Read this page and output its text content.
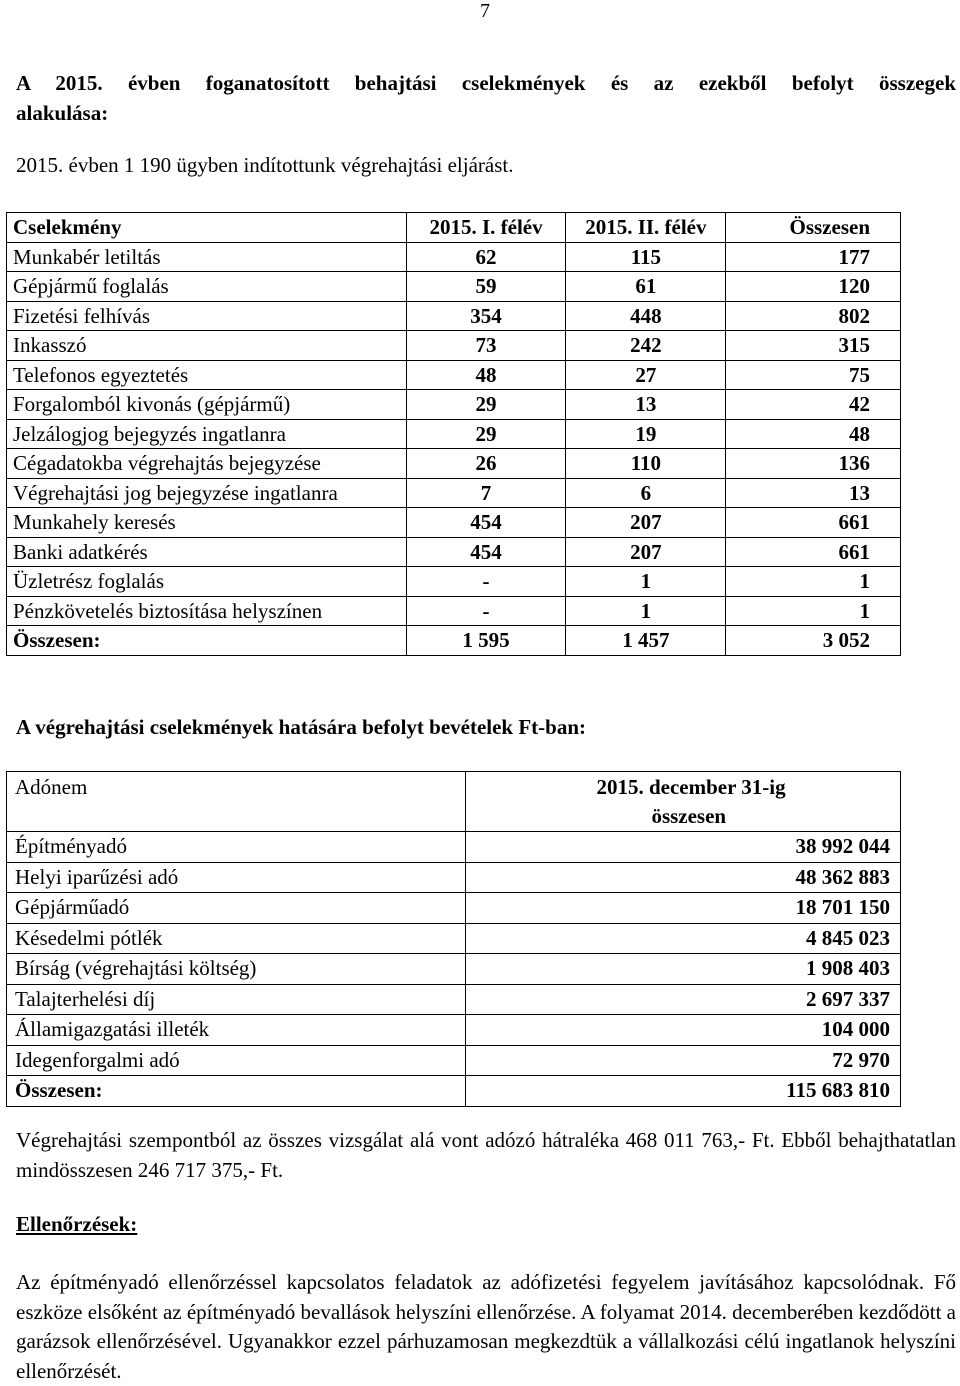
7
A 2015. évben foganatosított behajtási cselekmények és az ezekből befolyt összegek
alakulása:
2015. évben 1 190 ügyben indítottunk végrehajtási eljárást.
Cselekmény	2015. I. félév	2015. II. félév	Összesen
Munkabér letiltás	62	115	177
Gépjármű foglalás	59	61	120
Fizetési felhívás	354	448	802
Inkasszó	73	242	315
Telefonos egyeztetés	48	27	75
Forgalomból kivonás (gépjármű)	29	13	42
Jelzálogjog bejegyzés ingatlanra	29	19	48
Cégadatokba végrehajtás bejegyzése	26	110	136
Végrehajtási jog bejegyzése ingatlanra	7	6	13
Munkahely keresés	454	207	661
Banki adatkérés	454	207	661
Üzletrész foglalás	-	1	1
Pénzkövetelés biztosítása helyszínen	-	1	1
Összesen:	1 595	1 457	3 052
A végrehajtási cselekmények hatására befolyt bevételek Ft-ban:
Adónem	2015. december 31-ig
összesen
Építményadó	38 992 044
Helyi iparűzési adó	48 362 883
Gépjárműadó	18 701 150
Késedelmi pótlék	4 845 023
Bírság (végrehajtási költség)	1 908 403
Talajterhelési díj	2 697 337
Államigazgatási illeték	104 000
Idegenforgalmi adó	72 970
Összesen:	115 683 810
Végrehajtási szempontból az összes vizsgálat alá vont adózó hátraléka 468 011 763,- Ft. Ebből behajthatatlan mindösszesen 246 717 375,- Ft.
Ellenőrzések:
Az építményadó ellenőrzéssel kapcsolatos feladatok az adófizetési fegyelem javításához kapcsolódnak. Fő eszköze elsőként az építményadó bevallások helyszíni ellenőrzése. A folyamat 2014. decemberében kezdődött a garázsok ellenőrzésével. Ugyanakkor ezzel párhuzamosan megkezdtük a vállalkozási célú ingatlanok helyszíni ellenőrzését.
